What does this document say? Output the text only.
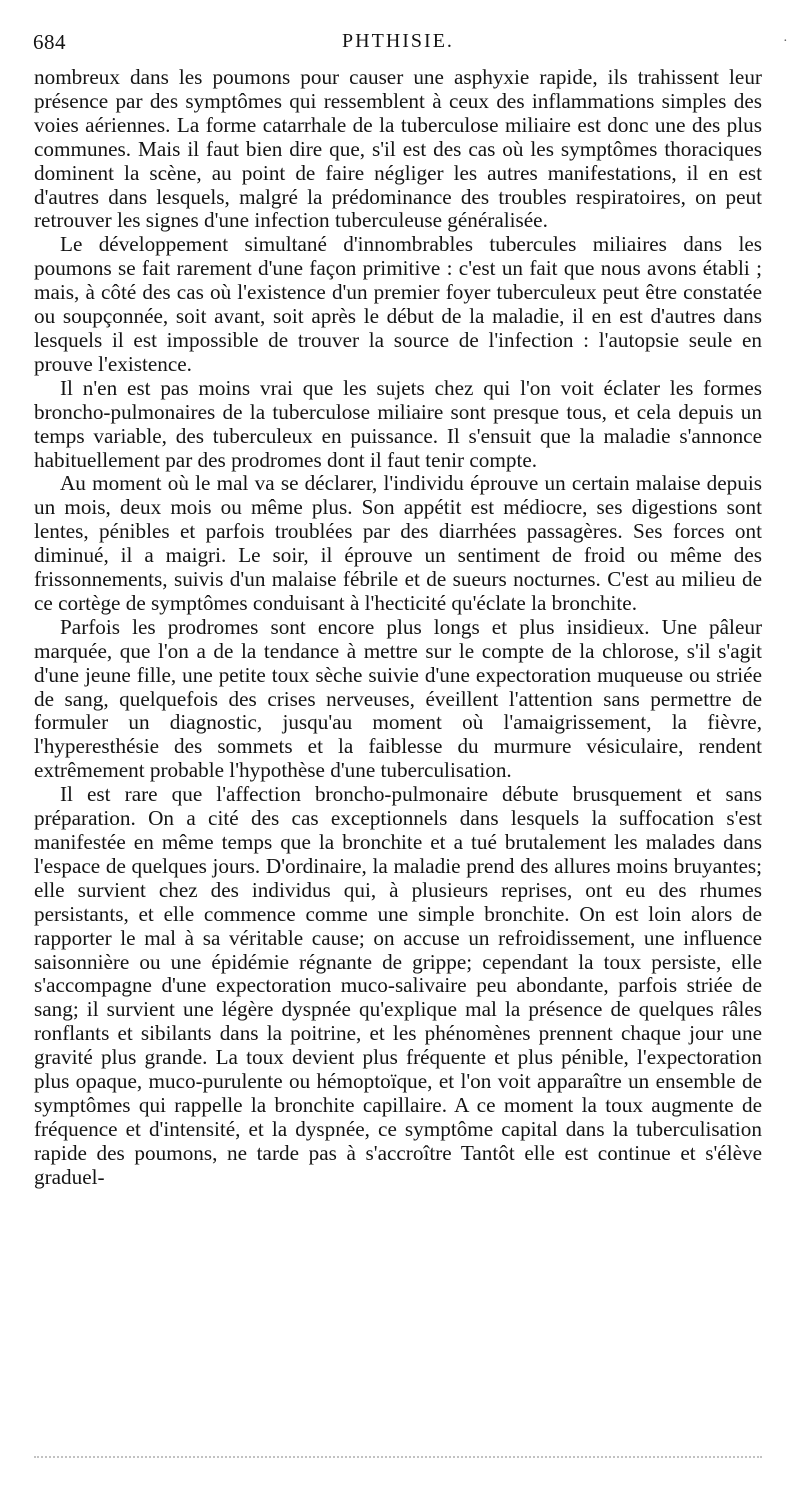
684	PHTHISIE.	·

nombreux dans les poumons pour causer une asphyxie rapide, ils trahissent leur présence par des symptômes qui ressemblent à ceux des inflammations simples des voies aériennes. La forme catarrhale de la tuberculose miliaire est donc une des plus communes. Mais il faut bien dire que, s'il est des cas où les symptômes thoraciques dominent la scène, au point de faire négliger les autres manifestations, il en est d'autres dans lesquels, malgré la prédominance des troubles respiratoires, on peut retrouver les signes d'une infection tuberculeuse généralisée.

Le développement simultané d'innombrables tubercules miliaires dans les poumons se fait rarement d'une façon primitive : c'est un fait que nous avons établi ; mais, à côté des cas où l'existence d'un premier foyer tuberculeux peut être constatée ou soupçonnée, soit avant, soit après le début de la maladie, il en est d'autres dans lesquels il est impossible de trouver la source de l'infection : l'autopsie seule en prouve l'existence.

Il n'en est pas moins vrai que les sujets chez qui l'on voit éclater les formes broncho-pulmonaires de la tuberculose miliaire sont presque tous, et cela depuis un temps variable, des tuberculeux en puissance. Il s'ensuit que la maladie s'annonce habituellement par des prodromes dont il faut tenir compte.

Au moment où le mal va se déclarer, l'individu éprouve un certain malaise depuis un mois, deux mois ou même plus. Son appétit est médiocre, ses digestions sont lentes, pénibles et parfois troublées par des diarrhées passagères. Ses forces ont diminué, il a maigri. Le soir, il éprouve un sentiment de froid ou même des frissonnements, suivis d'un malaise fébrile et de sueurs nocturnes. C'est au milieu de ce cortège de symptômes conduisant à l'hecticité qu'éclate la bronchite.

Parfois les prodromes sont encore plus longs et plus insidieux. Une pâleur marquée, que l'on a de la tendance à mettre sur le compte de la chlorose, s'il s'agit d'une jeune fille, une petite toux sèche suivie d'une expectoration muqueuse ou striée de sang, quelquefois des crises nerveuses, éveillent l'attention sans permettre de formuler un diagnostic, jusqu'au moment où l'amaigrissement, la fièvre, l'hyperesthésie des sommets et la faiblesse du murmure vésiculaire, rendent extrêmement probable l'hypothèse d'une tuberculisation.

Il est rare que l'affection broncho-pulmonaire débute brusquement et sans préparation. On a cité des cas exceptionnels dans lesquels la suffocation s'est manifestée en même temps que la bronchite et a tué brutalement les malades dans l'espace de quelques jours. D'ordinaire, la maladie prend des allures moins bruyantes; elle survient chez des individus qui, à plusieurs reprises, ont eu des rhumes persistants, et elle commence comme une simple bronchite. On est loin alors de rapporter le mal à sa véritable cause; on accuse un refroidissement, une influence saisonnière ou une épidémie régnante de grippe; cependant la toux persiste, elle s'accompagne d'une expectoration muco-salivaire peu abondante, parfois striée de sang; il survient une légère dyspnée qu'explique mal la présence de quelques râles ronflants et sibilants dans la poitrine, et les phénomènes prennent chaque jour une gravité plus grande. La toux devient plus fréquente et plus pénible, l'expectoration plus opaque, muco-purulente ou hémoptoïque, et l'on voit apparaître un ensemble de symptômes qui rappelle la bronchite capillaire. A ce moment la toux augmente de fréquence et d'intensité, et la dyspnée, ce symptôme capital dans la tuberculisation rapide des poumons, ne tarde pas à s'accroître Tantôt elle est continue et s'élève graduel-
